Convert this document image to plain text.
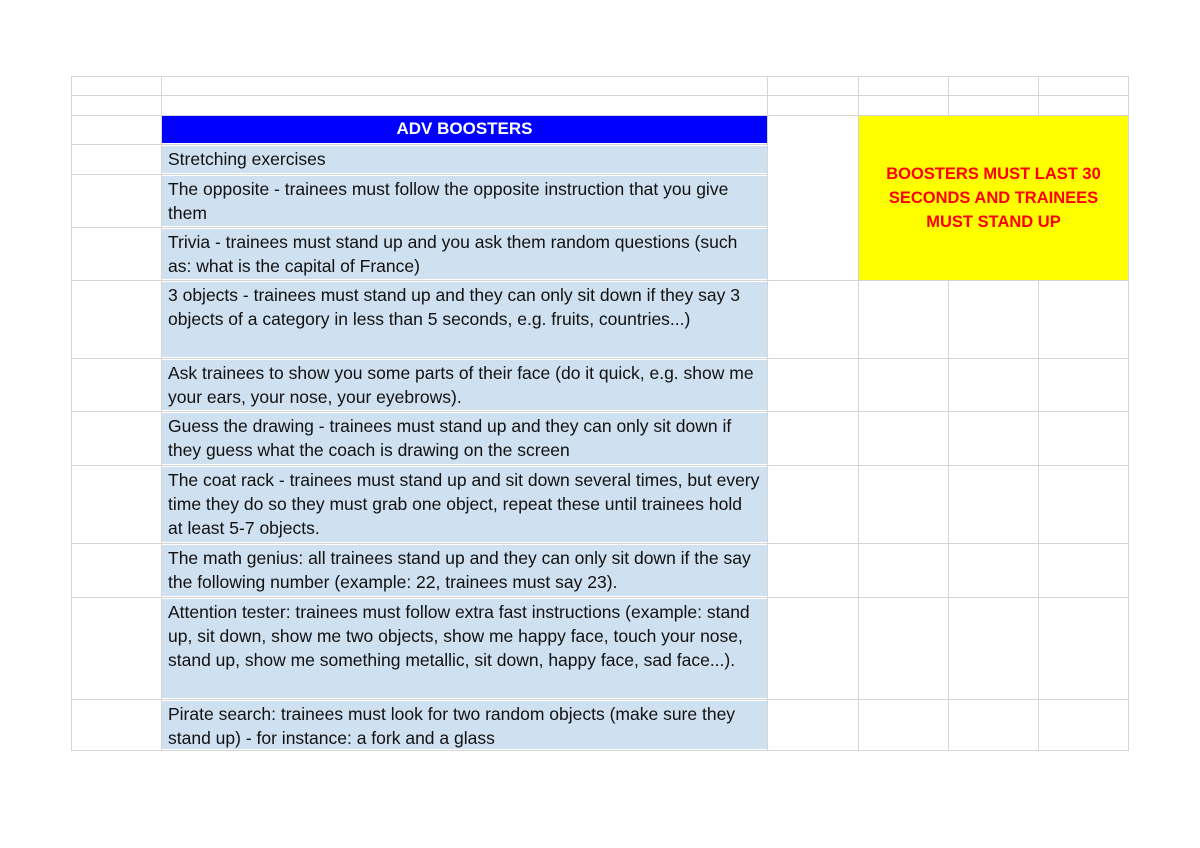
ADV BOOSTERS
Stretching exercises
The opposite - trainees must follow the opposite instruction that you give them
Trivia - trainees must stand up and you ask them random questions (such as: what is the capital of France)
3 objects - trainees must stand up and they can only sit down if they say 3 objects of a category in less than 5 seconds, e.g. fruits, countries...)
Ask trainees to show you some parts of their face (do it quick, e.g. show me your ears, your nose, your eyebrows).
Guess the drawing - trainees must stand up and they can only sit down if they guess what the coach is drawing on the screen
The coat rack - trainees must stand up and sit down several times, but every time they do so they must grab one object, repeat these until trainees hold at least 5-7 objects.
The math genius: all trainees stand up and they can only sit down if the say the following number (example: 22, trainees must say 23).
Attention tester: trainees must follow extra fast instructions (example: stand up, sit down, show me two objects, show me happy face, touch your nose, stand up, show me something metallic, sit down, happy face, sad face...).
Pirate search: trainees must look for two random objects (make sure they stand up) - for instance: a fork and a glass
BOOSTERS MUST LAST 30 SECONDS AND TRAINEES MUST STAND UP
